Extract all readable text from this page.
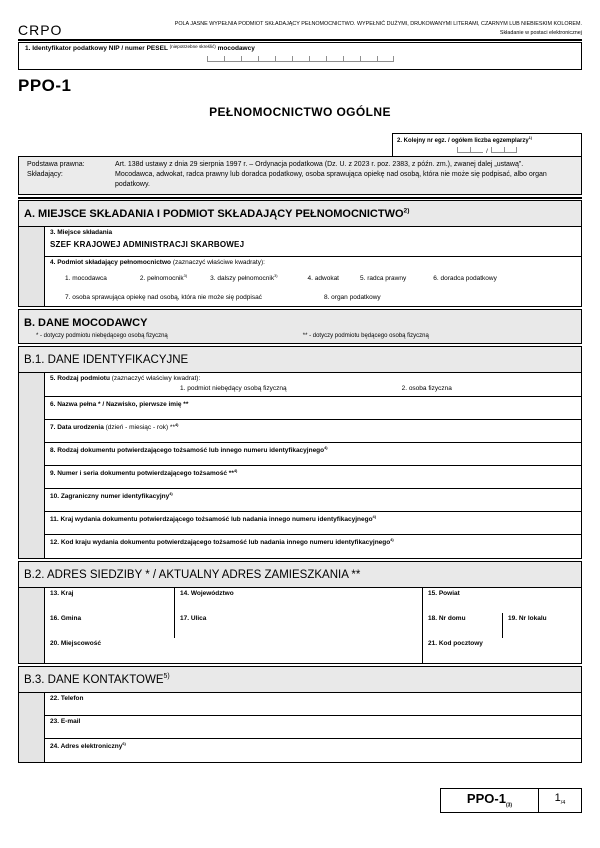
CRPO	POLA JASNE WYPEŁNIA PODMIOT SKŁADAJĄCY PEŁNOMOCNICTWO. WYPEŁNIĆ DUŻYMI, DRUKOWANYMI LITERAMI, CZARNYM LUB NIEBIESKIM KOLOREM.
Składanie w postaci elektronicznej
1. Identyfikator podatkowy NIP / numer PESEL $^{(niepotrzebne skreślić)}$ mocodawcy
PPO-1
PEŁNOMOCNICTWO OGÓLNE
2. Kolejny nr egz. / ogółem liczba egzemplarzy$^{1)}$
/
Podstawa prawna:	Art. 138d ustawy z dnia 29 sierpnia 1997 r. – Ordynacja podatkowa (Dz. U. z 2023 r. poz. 2383, z późn. zm.), zwanej dalej „ustawą”.
Składający:	Mocodawca, adwokat, radca prawny lub doradca podatkowy, osoba sprawująca opiekę nad osobą, która nie może się podpisać, albo organ podatkowy.
A. MIEJSCE SKŁADANIA I PODMIOT SKŁADAJĄCY PEŁNOMOCNICTWO$^{2)}$
3. Miejsce składania
SZEF KRAJOWEJ ADMINISTRACJI SKARBOWEJ
4. Podmiot składający pełnomocnictwo (zaznaczyć właściwe kwadraty):
1. mocodawca	2. pełnomocnik$^{3)}$	3. dalszy pełnomocnik$^{3)}$	4. adwokat	5. radca prawny	6. doradca podatkowy
7. osoba sprawująca opiekę nad osobą, która nie może się podpisać	8. organ podatkowy
B. DANE MOCODAWCY
* - dotyczy podmiotu niebędącego osobą fizyczną	** - dotyczy podmiotu będącego osobą fizyczną
B.1. DANE IDENTYFIKACYJNE
5. Rodzaj podmiotu (zaznaczyć właściwy kwadrat):
1. podmiot niebędący osobą fizyczną	2. osoba fizyczna
6. Nazwa pełna * / Nazwisko, pierwsze imię **
7. Data urodzenia (dzień - miesiąc - rok) **$^{4)}$
8. Rodzaj dokumentu potwierdzającego tożsamość lub innego numeru identyfikacyjnego$^{4)}$
9. Numer i seria dokumentu potwierdzającego tożsamość **$^{4)}$
10. Zagraniczny numer identyfikacyjny$^{4)}$
11. Kraj wydania dokumentu potwierdzającego tożsamość lub nadania innego numeru identyfikacyjnego$^{4)}$
12. Kod kraju wydania dokumentu potwierdzającego tożsamość lub nadania innego numeru identyfikacyjnego$^{4)}$
B.2. ADRES SIEDZIBY * / AKTUALNY ADRES ZAMIESZKANIA **
13. Kraj	14. Województwo	15. Powiat
16. Gmina	17. Ulica	18. Nr domu	19. Nr lokalu
20. Miejscowość	21. Kod pocztowy
B.3. DANE KONTAKTOWE$^{5)}$
22. Telefon
23. E-mail
24. Adres elektroniczny$^{6)}$
PPO-$1_{(3)}$
$1_{/4}$
